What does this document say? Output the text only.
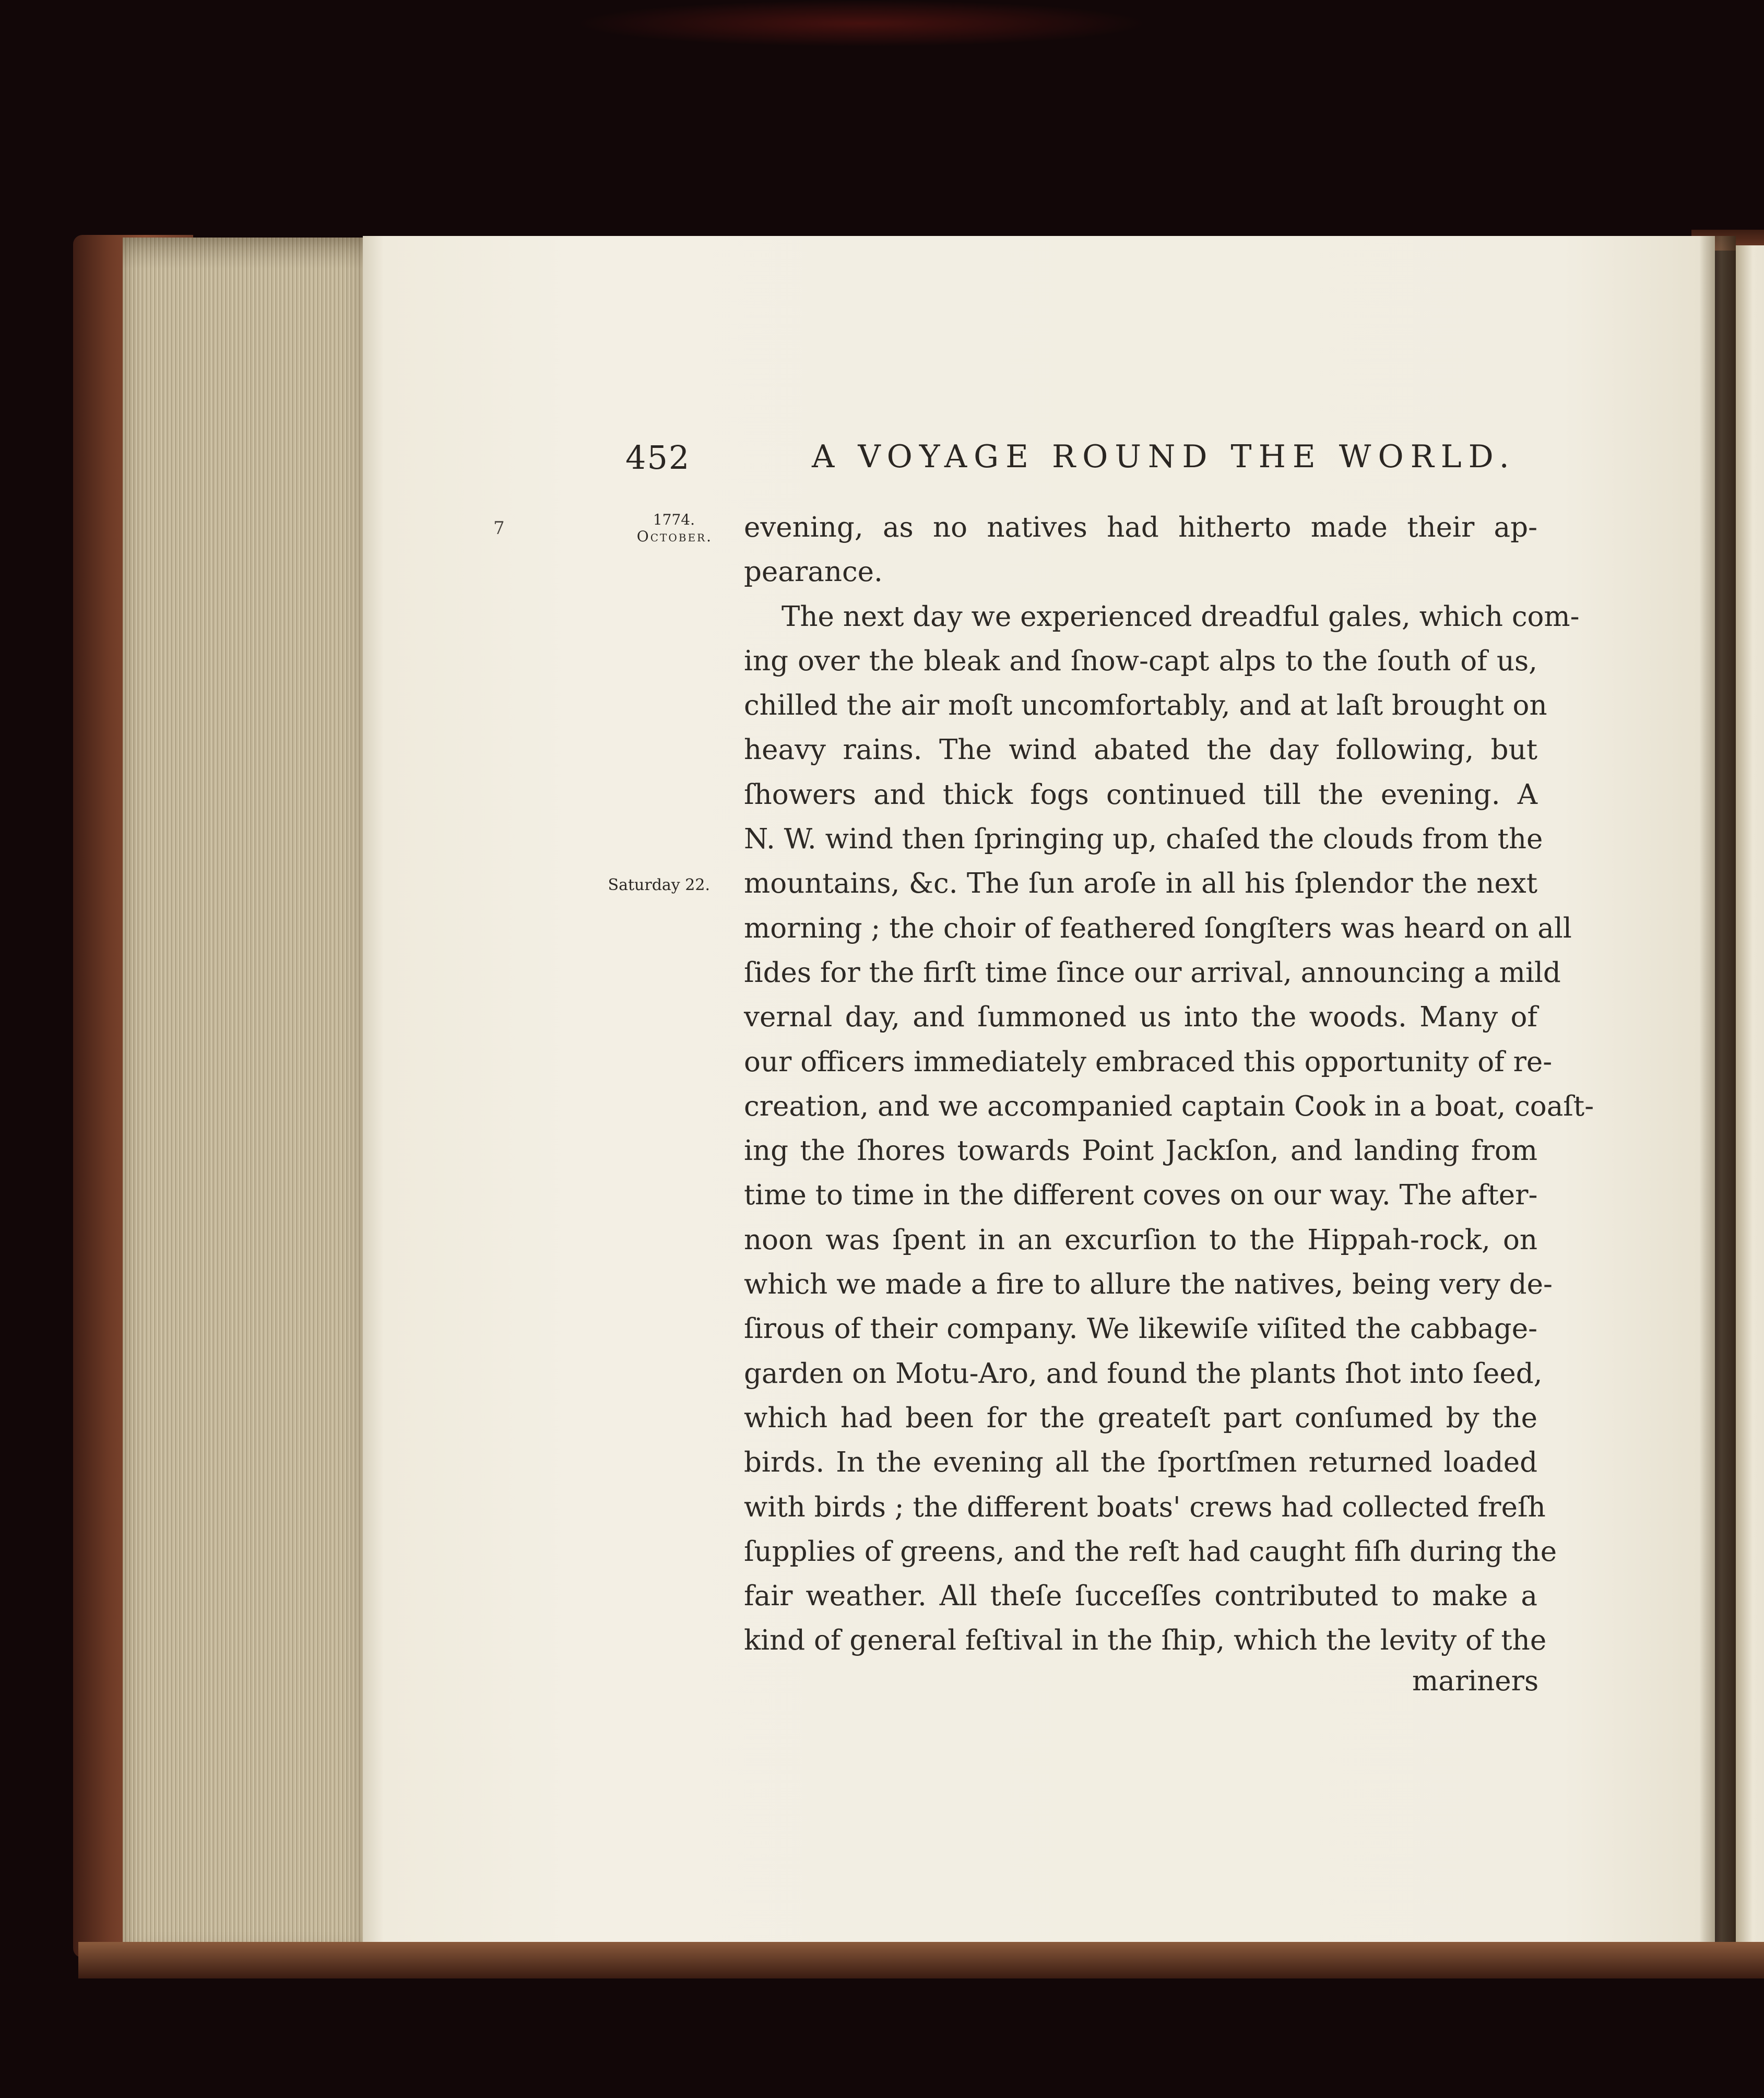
452	A VOYAGE ROUND THE WORLD.
7	1774.
October.
Saturday 22.
evening, as no natives had hitherto made their ap-
pearance.
The next day we experienced dreadful gales, which com-
ing over the bleak and ſnow-capt alps to the ſouth of us,
chilled the air moſt uncomfortably, and at laſt brought on
heavy rains. The wind abated the day following, but
ſhowers and thick fogs continued till the evening. A
N. W. wind then ſpringing up, chaſed the clouds from the
mountains, &c. The ſun aroſe in all his ſplendor the next
morning ; the choir of feathered ſongſters was heard on all
ſides for the firſt time ſince our arrival, announcing a mild
vernal day, and ſummoned us into the woods. Many of
our officers immediately embraced this opportunity of re-
creation, and we accompanied captain Cook in a boat, coaſt-
ing the ſhores towards Point Jackſon, and landing from
time to time in the different coves on our way. The after-
noon was ſpent in an excurſion to the Hippah-rock, on
which we made a fire to allure the natives, being very de-
ſirous of their company. We likewiſe viſited the cabbage-
garden on Motu-Aro, and found the plants ſhot into ſeed,
which had been for the greateſt part conſumed by the
birds. In the evening all the ſportſmen returned loaded
with birds ; the different boats' crews had collected freſh
ſupplies of greens, and the reſt had caught fiſh during the
fair weather. All theſe ſucceſſes contributed to make a
kind of general feſtival in the ſhip, which the levity of the
mariners
